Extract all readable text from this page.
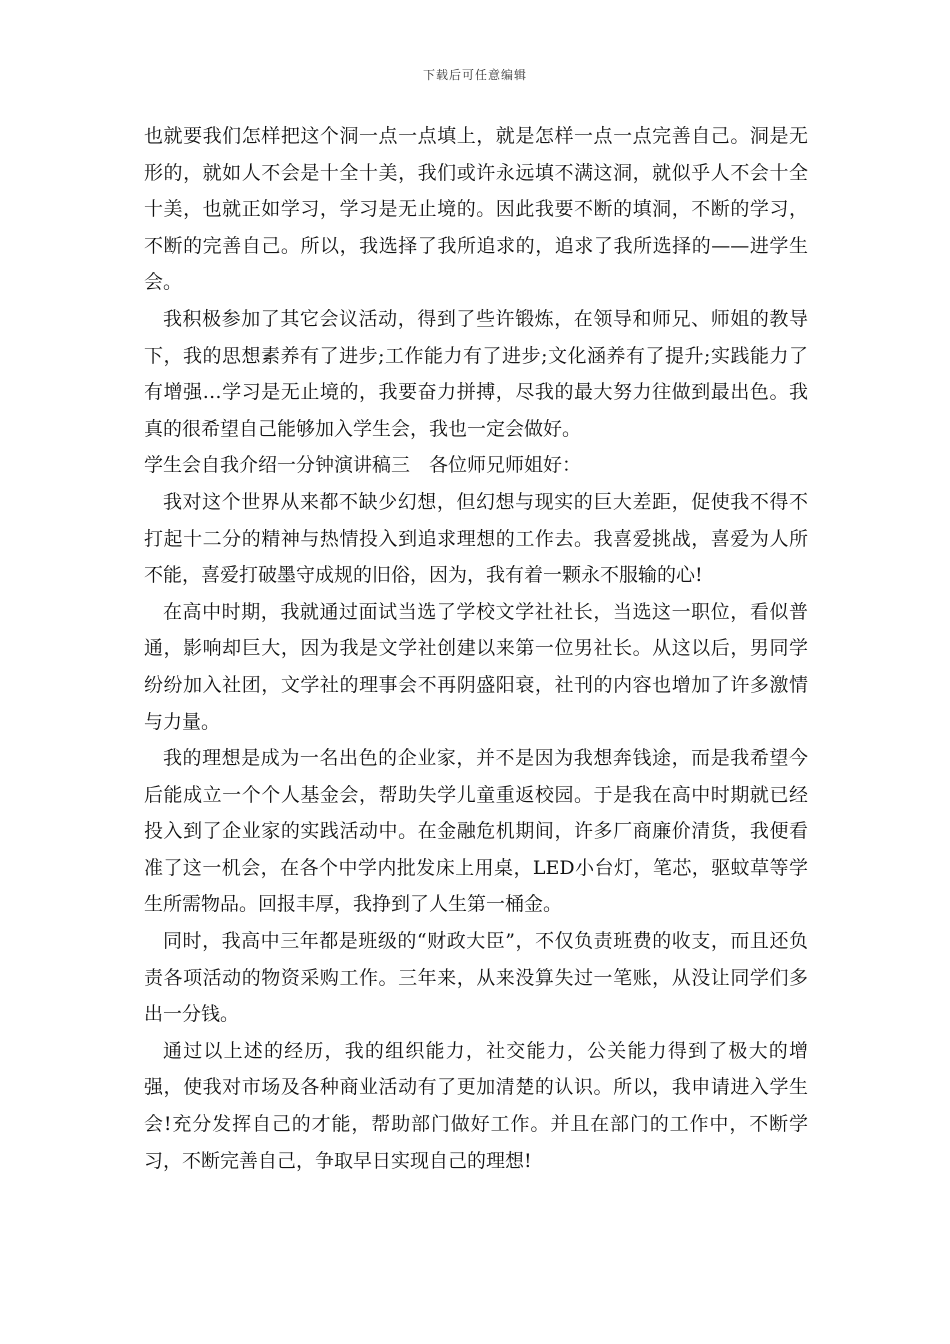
下载后可任意编辑

也就要我们怎样把这个洞一点一点填上，就是怎样一点一点完善自己。洞是无形的，就如人不会是十全十美，我们或许永远填不满这洞，就似乎人不会十全十美，也就正如学习，学习是无止境的。因此我要不断的填洞，不断的学习，不断的完善自己。所以，我选择了我所追求的，追求了我所选择的——进学生会。

我积极参加了其它会议活动，得到了些许锻炼，在领导和师兄、师姐的教导下，我的思想素养有了进步;工作能力有了进步;文化涵养有了提升;实践能力了有增强…学习是无止境的，我要奋力拼搏，尽我的最大努力往做到最出色。我真的很希望自己能够加入学生会，我也一定会做好。

学生会自我介绍一分钟演讲稿三　各位师兄师姐好：

我对这个世界从来都不缺少幻想，但幻想与现实的巨大差距，促使我不得不打起十二分的精神与热情投入到追求理想的工作去。我喜爱挑战，喜爱为人所不能，喜爱打破墨守成规的旧俗，因为，我有着一颗永不服输的心!

在高中时期，我就通过面试当选了学校文学社社长，当选这一职位，看似普通，影响却巨大，因为我是文学社创建以来第一位男社长。从这以后，男同学纷纷加入社团，文学社的理事会不再阴盛阳衰，社刊的内容也增加了许多激情与力量。

我的理想是成为一名出色的企业家，并不是因为我想奔钱途，而是我希望今后能成立一个个人基金会，帮助失学儿童重返校园。于是我在高中时期就已经投入到了企业家的实践活动中。在金融危机期间，许多厂商廉价清货，我便看准了这一机会，在各个中学内批发床上用桌，LED小台灯，笔芯，驱蚊草等学生所需物品。回报丰厚，我挣到了人生第一桶金。

同时，我高中三年都是班级的“财政大臣”，不仅负责班费的收支，而且还负责各项活动的物资采购工作。三年来，从来没算失过一笔账，从没让同学们多出一分钱。

通过以上述的经历，我的组织能力，社交能力，公关能力得到了极大的增强，使我对市场及各种商业活动有了更加清楚的认识。所以，我申请进入学生会!充分发挥自己的才能，帮助部门做好工作。并且在部门的工作中，不断学习，不断完善自己，争取早日实现自己的理想!
